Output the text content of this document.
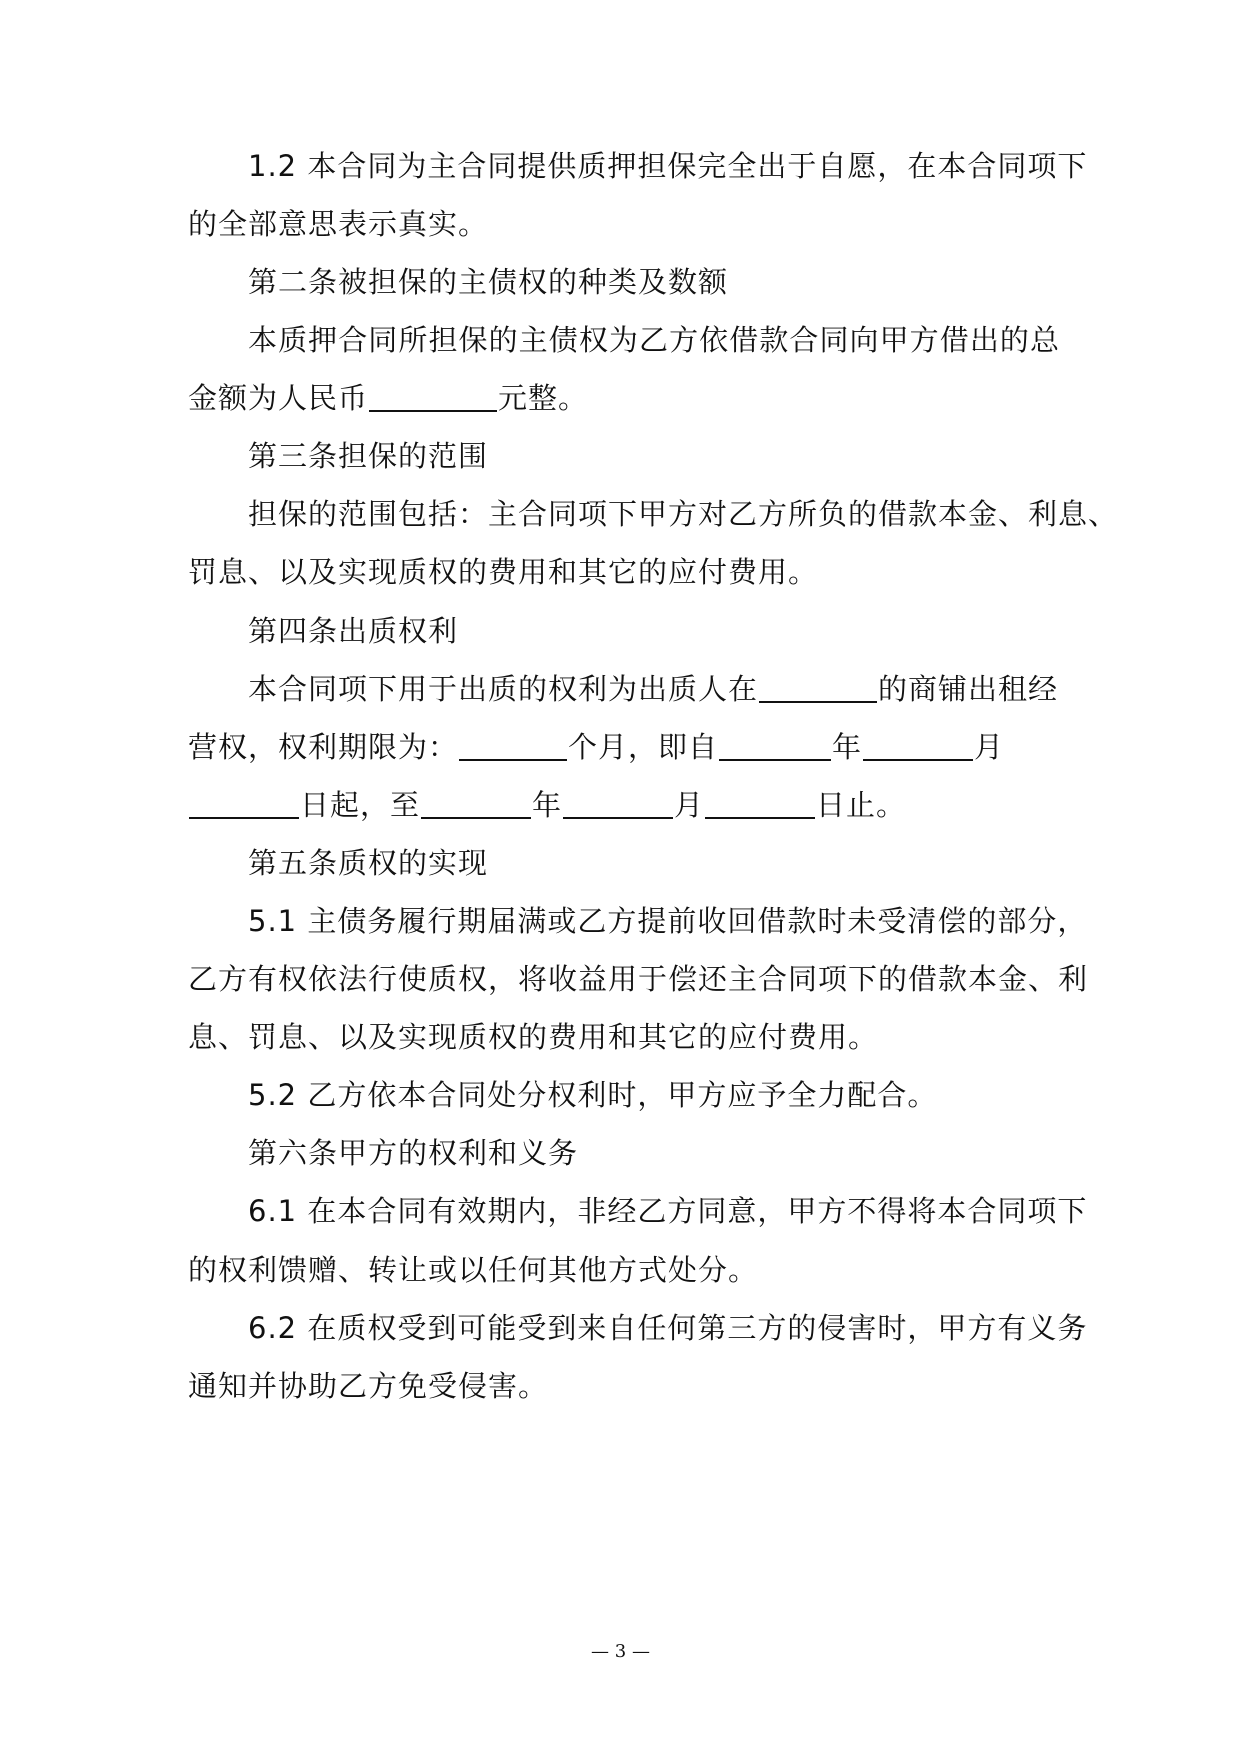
1.2 本合同为主合同提供质押担保完全出于自愿，在本合同项下
的全部意思表示真实。
第二条被担保的主债权的种类及数额
本质押合同所担保的主债权为乙方依借款合同向甲方借出的总
金额为人民币	元整。
第三条担保的范围
担保的范围包括：主合同项下甲方对乙方所负的借款本金、利息、
罚息、以及实现质权的费用和其它的应付费用。
第四条出质权利
本合同项下用于出质的权利为出质人在	的商铺出租经
营权，权利期限为：	个月，即自	年	月
日起，至	年	月	日止。
第五条质权的实现
5.1 主债务履行期届满或乙方提前收回借款时未受清偿的部分，
乙方有权依法行使质权，将收益用于偿还主合同项下的借款本金、利
息、罚息、以及实现质权的费用和其它的应付费用。
5.2 乙方依本合同处分权利时，甲方应予全力配合。
第六条甲方的权利和义务
6.1 在本合同有效期内，非经乙方同意，甲方不得将本合同项下
的权利馈赠、转让或以任何其他方式处分。
6.2 在质权受到可能受到来自任何第三方的侵害时，甲方有义务
通知并协助乙方免受侵害。
— 3 —
